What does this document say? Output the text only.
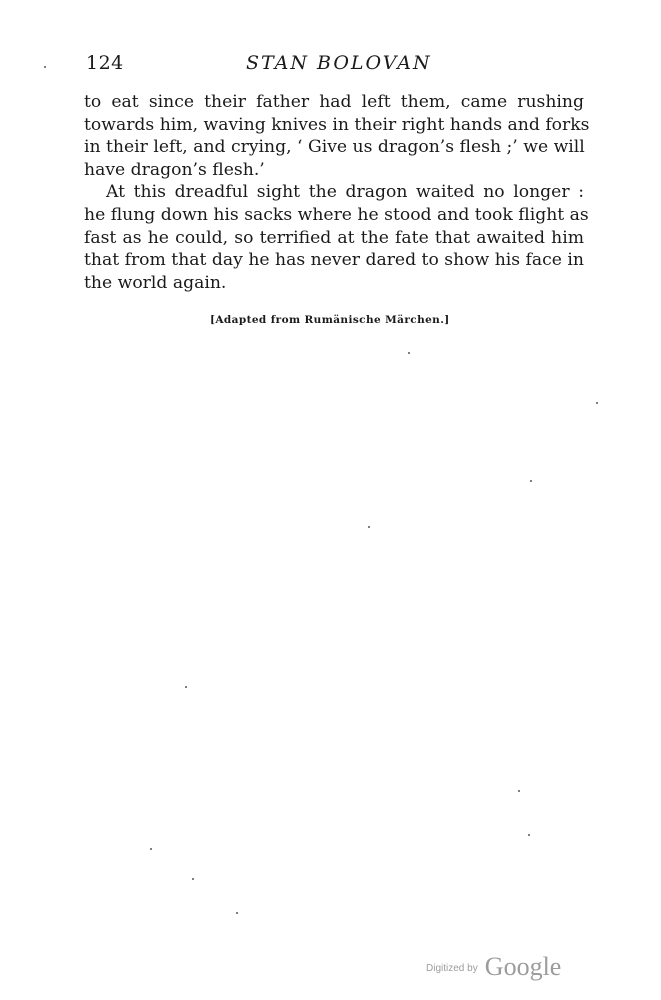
124	STAN BOLOVAN

to eat since their father had left them, came rushing
towards him, waving knives in their right hands and forks
in their left, and crying, ‘ Give us dragon’s flesh ;’ we will
have dragon’s flesh.’

At this dreadful sight the dragon waited no longer :
he flung down his sacks where he stood and took flight as
fast as he could, so terrified at the fate that awaited him
that from that day he has never dared to show his face in
the world again.

[Adapted from Rumänische Märchen.]
$^{Digitized by}$ Google
